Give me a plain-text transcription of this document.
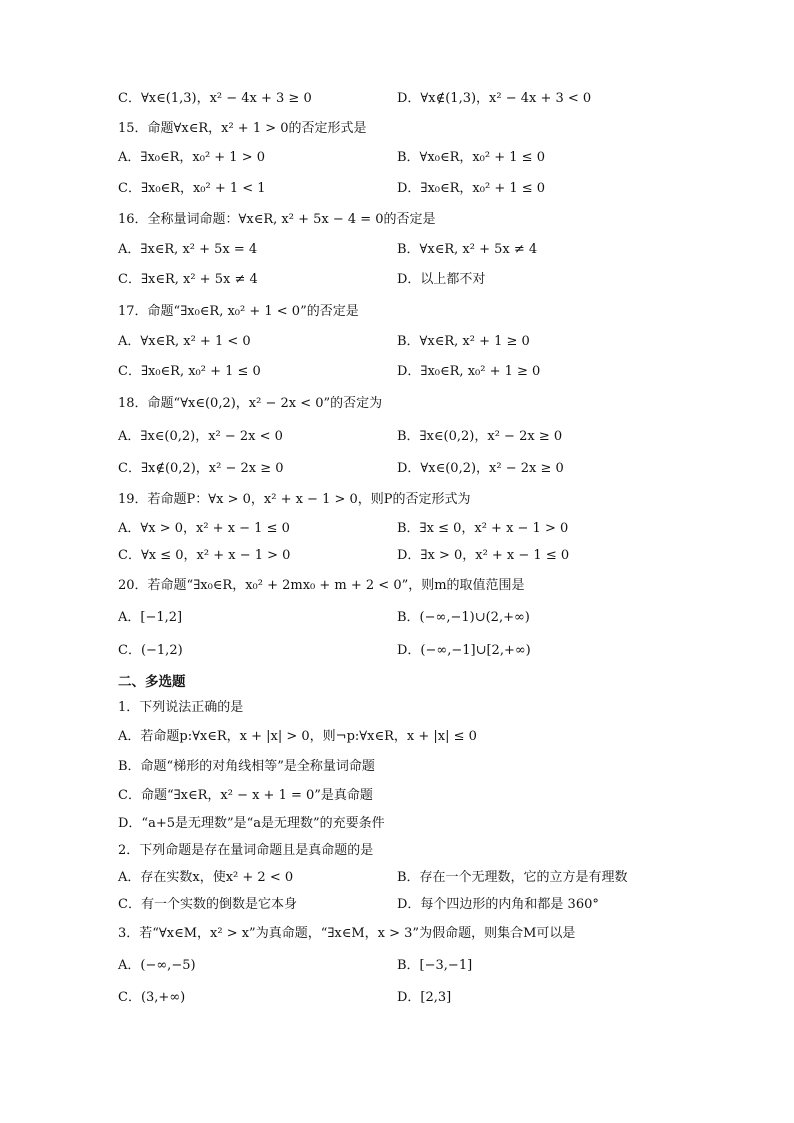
C．∀x∈(1,3)，x² − 4x + 3 ≥ 0	D．∀x∉(1,3)，x² − 4x + 3 < 0
15．命题∀x∈R，x² + 1 > 0的否定形式是
A．∃x₀∈R，x₀² + 1 > 0	B．∀x₀∈R，x₀² + 1 ≤ 0
C．∃x₀∈R，x₀² + 1 < 1	D．∃x₀∈R，x₀² + 1 ≤ 0
16．全称量词命题：∀x∈R, x² + 5x − 4 = 0的否定是
A．∃x∈R, x² + 5x = 4	B．∀x∈R, x² + 5x ≠ 4
C．∃x∈R, x² + 5x ≠ 4	D．以上都不对
17．命题“∃x₀∈R, x₀² + 1 < 0”的否定是
A．∀x∈R, x² + 1 < 0	B．∀x∈R, x² + 1 ≥ 0
C．∃x₀∈R, x₀² + 1 ≤ 0	D．∃x₀∈R, x₀² + 1 ≥ 0
18．命题“∀x∈(0,2)，x² − 2x < 0”的否定为
A．∃x∈(0,2)，x² − 2x < 0	B．∃x∈(0,2)，x² − 2x ≥ 0
C．∃x∉(0,2)，x² − 2x ≥ 0	D．∀x∈(0,2)，x² − 2x ≥ 0
19．若命题P：∀x > 0，x² + x − 1 > 0，则P的否定形式为
A．∀x > 0，x² + x − 1 ≤ 0	B．∃x ≤ 0，x² + x − 1 > 0
C．∀x ≤ 0，x² + x − 1 > 0	D．∃x > 0，x² + x − 1 ≤ 0
20．若命题“∃x₀∈R，x₀² + 2mx₀ + m + 2 < 0”，则m的取值范围是
A．[−1,2]	B．(−∞,−1)∪(2,+∞)
C．(−1,2)	D．(−∞,−1]∪[2,+∞)
二、多选题
1．下列说法正确的是
A．若命题p:∀x∈R，x + |x| > 0，则¬p:∀x∈R，x + |x| ≤ 0
B．命题“梯形的对角线相等”是全称量词命题
C．命题“∃x∈R，x² − x + 1 = 0”是真命题
D．“a+5是无理数”是“a是无理数”的充要条件
2．下列命题是存在量词命题且是真命题的是
A．存在实数x，使x² + 2 < 0	B．存在一个无理数，它的立方是有理数
C．有一个实数的倒数是它本身	D．每个四边形的内角和都是 360°
3．若“∀x∈M，x² > x”为真命题，“∃x∈M，x > 3”为假命题，则集合M可以是
A．(−∞,−5)	B．[−3,−1]
C．(3,+∞)	D．[2,3]
